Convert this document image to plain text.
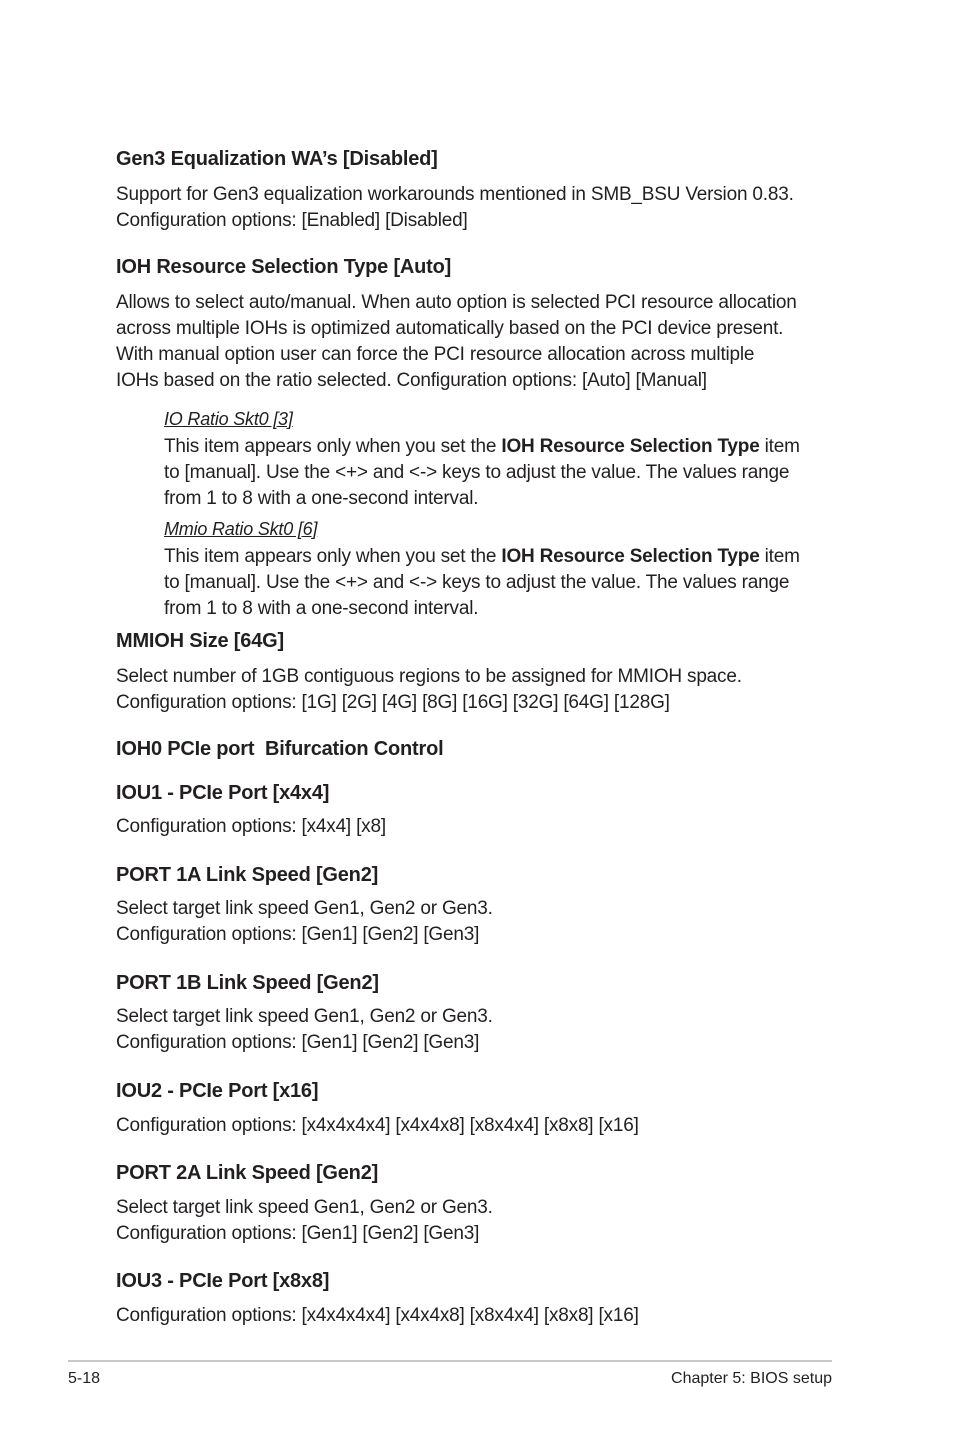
Gen3 Equalization WA’s [Disabled]
Support for Gen3 equalization workarounds mentioned in SMB_BSU Version 0.83.
Configuration options: [Enabled] [Disabled]
IOH Resource Selection Type [Auto]
Allows to select auto/manual. When auto option is selected PCI resource allocation
across multiple IOHs is optimized automatically based on the PCI device present.
With manual option user can force the PCI resource allocation across multiple
IOHs based on the ratio selected. Configuration options: [Auto] [Manual]
IO Ratio Skt0 [3]
This item appears only when you set the IOH Resource Selection Type item
to [manual]. Use the <+> and <-> keys to adjust the value. The values range
from 1 to 8 with a one-second interval.
Mmio Ratio Skt0 [6]
This item appears only when you set the IOH Resource Selection Type item
to [manual]. Use the <+> and <-> keys to adjust the value. The values range
from 1 to 8 with a one-second interval.
MMIOH Size [64G]
Select number of 1GB contiguous regions to be assigned for MMIOH space.
Configuration options: [1G] [2G] [4G] [8G] [16G] [32G] [64G] [128G]
IOH0 PCIe port  Bifurcation Control
IOU1 - PCIe Port [x4x4]
Configuration options: [x4x4] [x8]
PORT 1A Link Speed [Gen2]
Select target link speed Gen1, Gen2 or Gen3.
Configuration options: [Gen1] [Gen2] [Gen3]
PORT 1B Link Speed [Gen2]
Select target link speed Gen1, Gen2 or Gen3.
Configuration options: [Gen1] [Gen2] [Gen3]
IOU2 - PCIe Port [x16]
Configuration options: [x4x4x4x4] [x4x4x8] [x8x4x4] [x8x8] [x16]
PORT 2A Link Speed [Gen2]
Select target link speed Gen1, Gen2 or Gen3.
Configuration options: [Gen1] [Gen2] [Gen3]
IOU3 - PCIe Port [x8x8]
Configuration options: [x4x4x4x4] [x4x4x8] [x8x4x4] [x8x8] [x16]
5-18	Chapter 5: BIOS setup
